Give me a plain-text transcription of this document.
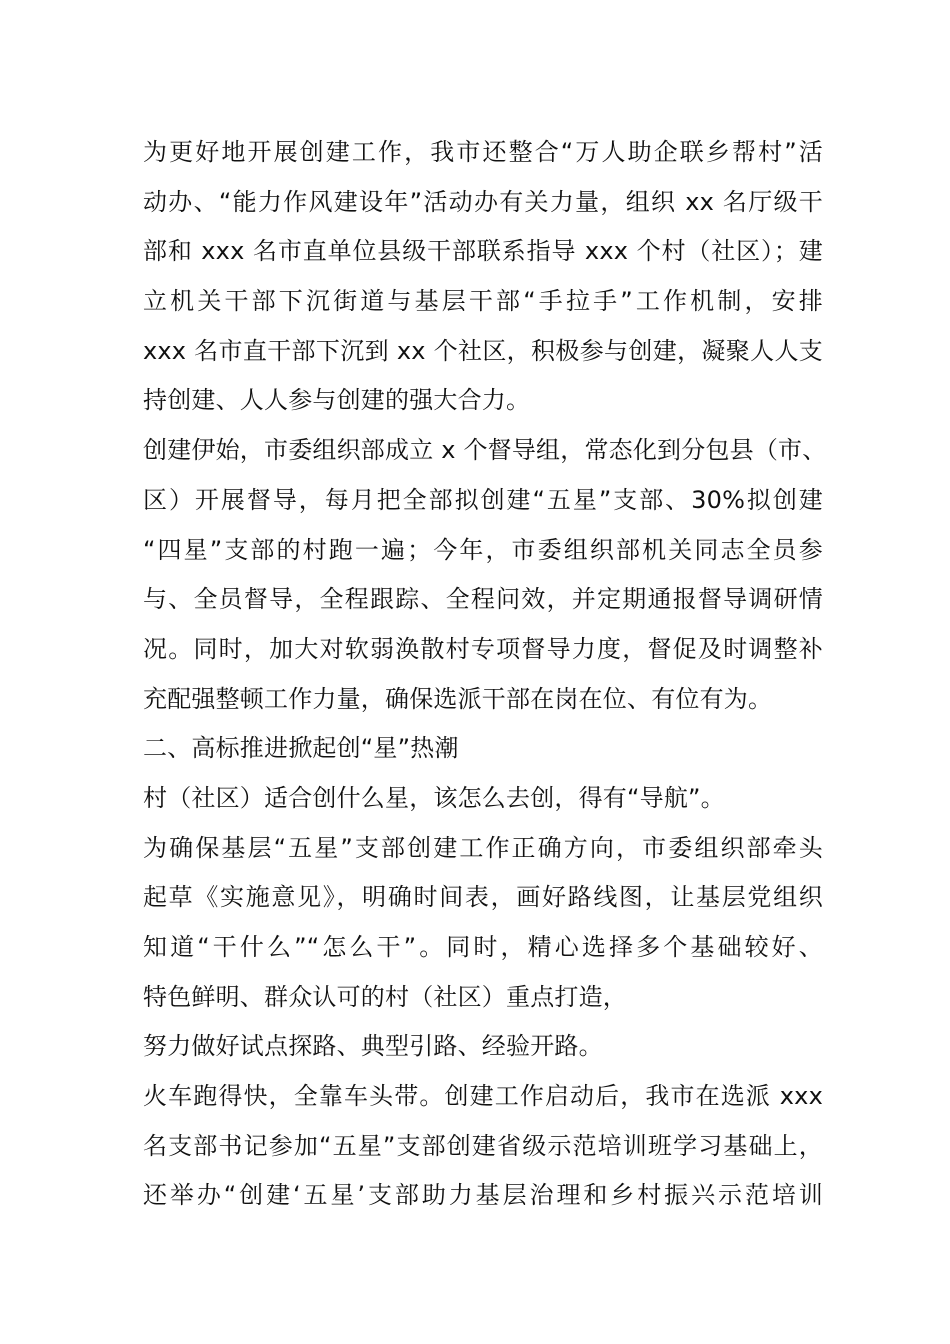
为更好地开展创建工作，我市还整合“万人助企联乡帮村”活
动办、“能力作风建设年”活动办有关力量，组织 xx 名厅级干
部和 xxx 名市直单位县级干部联系指导 xxx 个村（社区）；建
立机关干部下沉街道与基层干部“手拉手”工作机制，安排
xxx 名市直干部下沉到 xx 个社区，积极参与创建，凝聚人人支
持创建、人人参与创建的强大合力。
创建伊始，市委组织部成立 x 个督导组，常态化到分包县（市、
区）开展督导，每月把全部拟创建“五星”支部、30%拟创建
“四星”支部的村跑一遍；今年，市委组织部机关同志全员参
与、全员督导，全程跟踪、全程问效，并定期通报督导调研情
况。同时，加大对软弱涣散村专项督导力度，督促及时调整补
充配强整顿工作力量，确保选派干部在岗在位、有位有为。
二、高标推进掀起创“星”热潮
村（社区）适合创什么星，该怎么去创，得有“导航”。
为确保基层“五星”支部创建工作正确方向，市委组织部牵头
起草《实施意见》，明确时间表，画好路线图，让基层党组织
知道“干什么”“怎么干”。同时，精心选择多个基础较好、
特色鲜明、群众认可的村（社区）重点打造，
努力做好试点探路、典型引路、经验开路。
火车跑得快，全靠车头带。创建工作启动后，我市在选派 xxx
名支部书记参加“五星”支部创建省级示范培训班学习基础上，
还举办“创建‘五星’支部助力基层治理和乡村振兴示范培训
